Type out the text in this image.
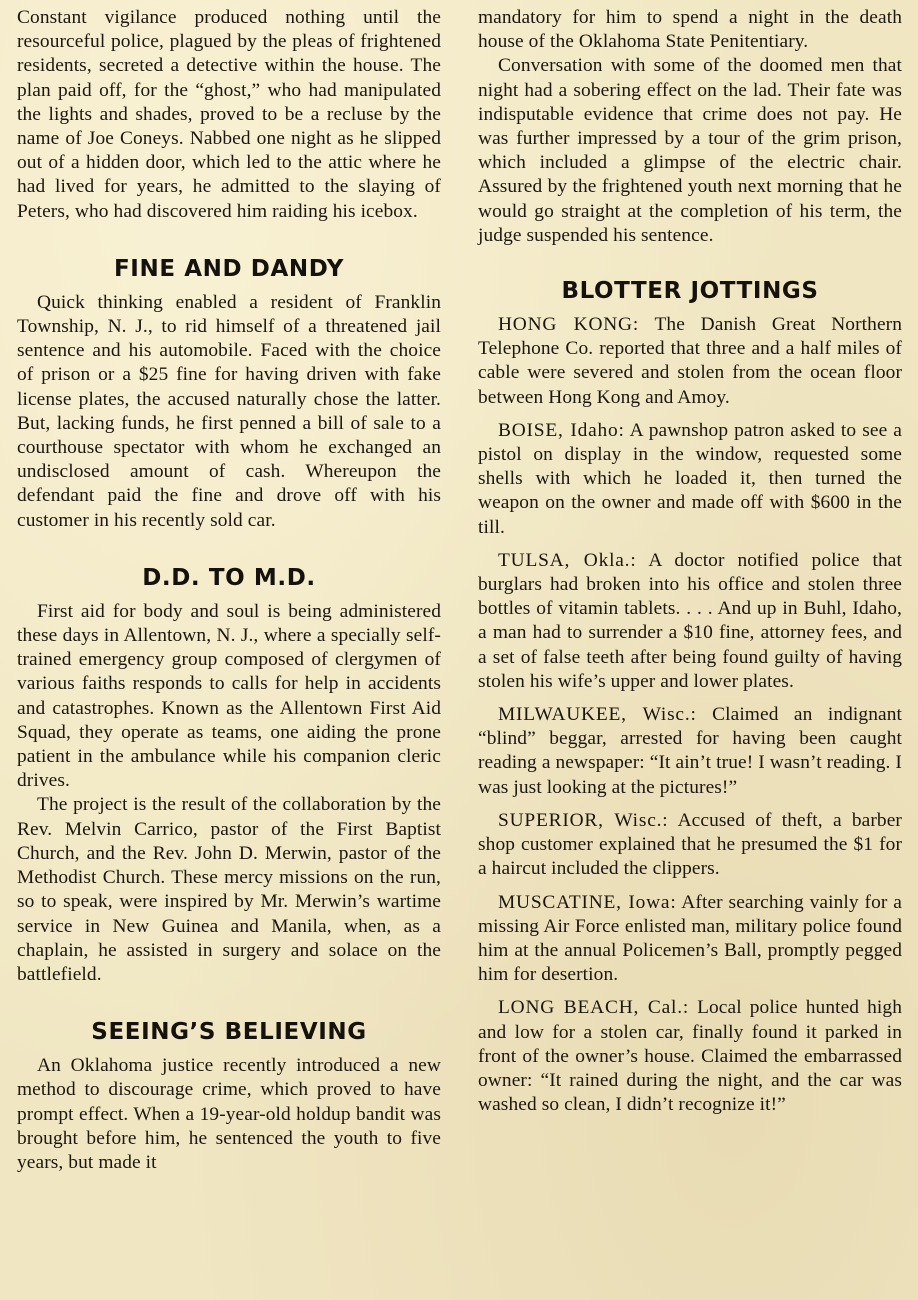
Constant vigilance produced nothing until the resourceful police, plagued by the pleas of frightened residents, secreted a detective within the house. The plan paid off, for the “ghost,” who had manipulated the lights and shades, proved to be a recluse by the name of Joe Coneys. Nabbed one night as he slipped out of a hidden door, which led to the attic where he had lived for years, he admitted to the slaying of Peters, who had discovered him raiding his icebox.

FINE AND DANDY

Quick thinking enabled a resident of Franklin Township, N. J., to rid himself of a threatened jail sentence and his automobile. Faced with the choice of prison or a $25 fine for having driven with fake license plates, the accused naturally chose the latter. But, lacking funds, he first penned a bill of sale to a courthouse spectator with whom he exchanged an undisclosed amount of cash. Whereupon the defendant paid the fine and drove off with his customer in his recently sold car.

D.D. TO M.D.

First aid for body and soul is being administered these days in Allentown, N. J., where a specially self-trained emergency group composed of clergymen of various faiths responds to calls for help in accidents and catastrophes. Known as the Allentown First Aid Squad, they operate as teams, one aiding the prone patient in the ambulance while his companion cleric drives.

The project is the result of the collaboration by the Rev. Melvin Carrico, pastor of the First Baptist Church, and the Rev. John D. Merwin, pastor of the Methodist Church. These mercy missions on the run, so to speak, were inspired by Mr. Merwin’s wartime service in New Guinea and Manila, when, as a chaplain, he assisted in surgery and solace on the battlefield.

SEEING’S BELIEVING

An Oklahoma justice recently introduced a new method to discourage crime, which proved to have prompt effect. When a 19-year-old holdup bandit was brought before him, he sentenced the youth to five years, but made it

mandatory for him to spend a night in the death house of the Oklahoma State Penitentiary.

Conversation with some of the doomed men that night had a sobering effect on the lad. Their fate was indisputable evidence that crime does not pay. He was further impressed by a tour of the grim prison, which included a glimpse of the electric chair. Assured by the frightened youth next morning that he would go straight at the completion of his term, the judge suspended his sentence.

BLOTTER JOTTINGS

HONG KONG: The Danish Great Northern Telephone Co. reported that three and a half miles of cable were severed and stolen from the ocean floor between Hong Kong and Amoy.

BOISE, Idaho: A pawnshop patron asked to see a pistol on display in the window, requested some shells with which he loaded it, then turned the weapon on the owner and made off with $600 in the till.

TULSA, Okla.: A doctor notified police that burglars had broken into his office and stolen three bottles of vitamin tablets. . . . And up in Buhl, Idaho, a man had to surrender a $10 fine, attorney fees, and a set of false teeth after being found guilty of having stolen his wife’s upper and lower plates.

MILWAUKEE, Wisc.: Claimed an indignant “blind” beggar, arrested for having been caught reading a newspaper: “It ain’t true! I wasn’t reading. I was just looking at the pictures!”

SUPERIOR, Wisc.: Accused of theft, a barber shop customer explained that he presumed the $1 for a haircut included the clippers.

MUSCATINE, Iowa: After searching vainly for a missing Air Force enlisted man, military police found him at the annual Policemen’s Ball, promptly pegged him for desertion.

LONG BEACH, Cal.: Local police hunted high and low for a stolen car, finally found it parked in front of the owner’s house. Claimed the embarrassed owner: “It rained during the night, and the car was washed so clean, I didn’t recognize it!”
